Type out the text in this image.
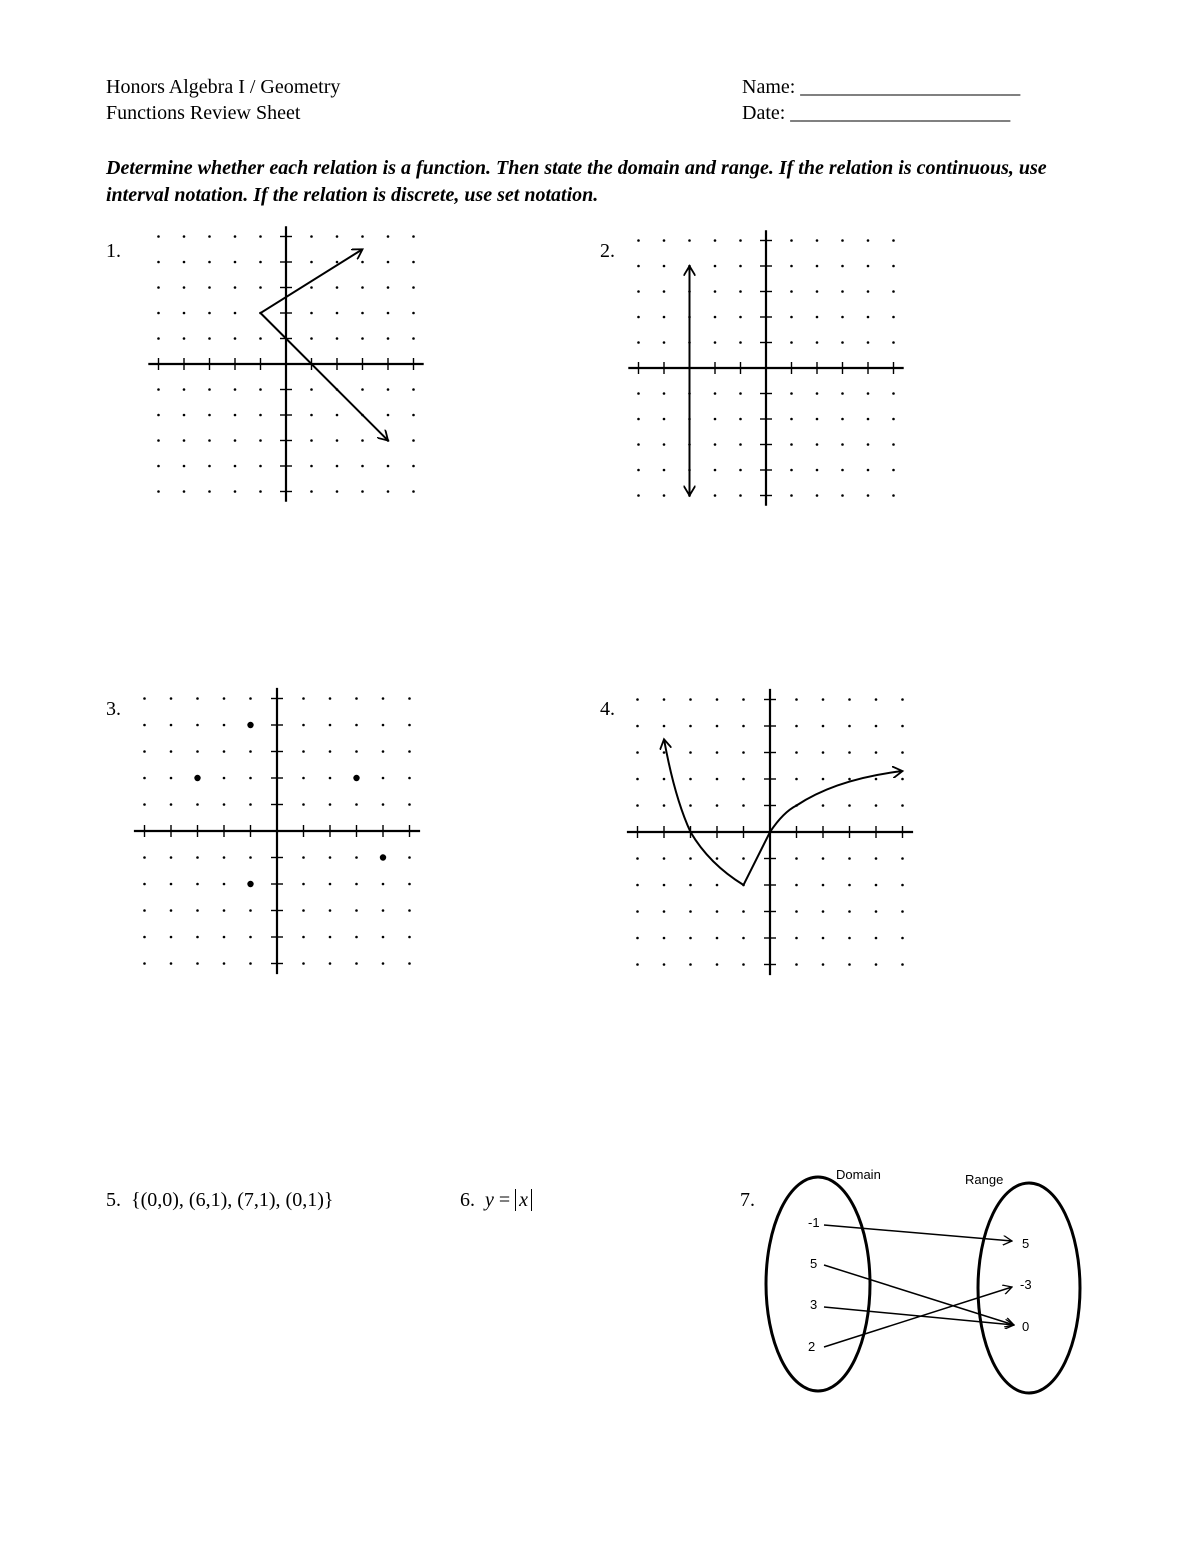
Honors Algebra I / Geometry
Functions Review Sheet
Name: ______________________
Date: ______________________
Determine whether each relation is a function. Then state the domain and range. If the relation is continuous, use interval notation. If the relation is discrete, use set notation.
1.	2.
3.	4.
5. {(0,0), (6,1), (7,1), (0,1)}	6. y = x	7.
Domain	Range
-1
5
3
2
5
-3
0
